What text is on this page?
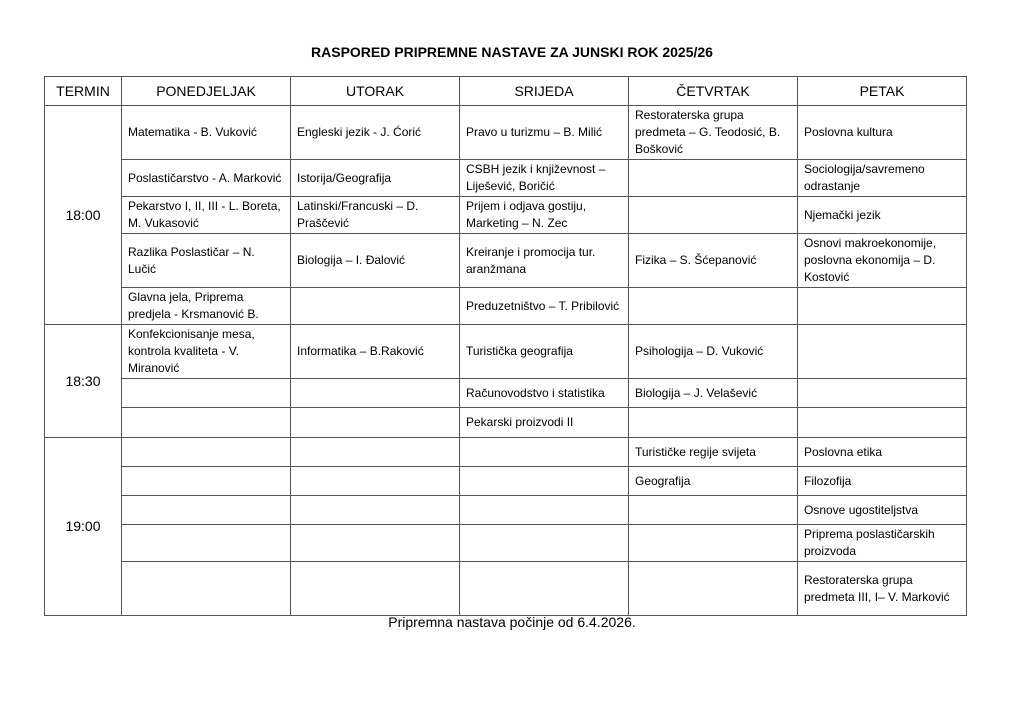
RASPORED PRIPREMNE NASTAVE ZA JUNSKI ROK 2025/26
TERMIN	PONEDJELJAK	UTORAK	SRIJEDA	ČETVRTAK	PETAK
18:00	Matematika - B. Vuković	Engleski jezik - J. Ćorić	Pravo u turizmu – B. Milić	Restoraterska grupa predmeta – G. Teodosić, B. Bošković	Poslovna kultura
	Poslastičarstvo - A. Marković	Istorija/Geografija	CSBH jezik i književnost – Liješević, Boričić		Sociologija/savremeno odrastanje
	Pekarstvo I, II, III - L. Boreta, M. Vukasović	Latinski/Francuski – D. Praščević	Prijem i odjava gostiju, Marketing – N. Zec		Njemački jezik
	Razlika Poslastičar – N. Lučić	Biologija – I. Đalović	Kreiranje i promocija tur. aranžmana	Fizika – S. Šćepanović	Osnovi makroekonomije, poslovna ekonomija – D. Kostović
	Glavna jela, Priprema predjela - Krsmanović B.		Preduzetništvo – T. Pribilović		
18:30	Konfekcionisanje mesa, kontrola kvaliteta - V. Miranović	Informatika – B.Raković	Turistička geografija	Psihologija – D. Vuković	
			Računovodstvo i statistika	Biologija – J. Velašević	
			Pekarski proizvodi II		
19:00				Turističke regije svijeta	Poslovna etika
				Geografija	Filozofija
					Osnove ugostiteljstva
					Priprema poslastičarskih proizvoda
					Restoraterska grupa predmeta III, I– V. Marković
Pripremna nastava počinje od 6.4.2026.
